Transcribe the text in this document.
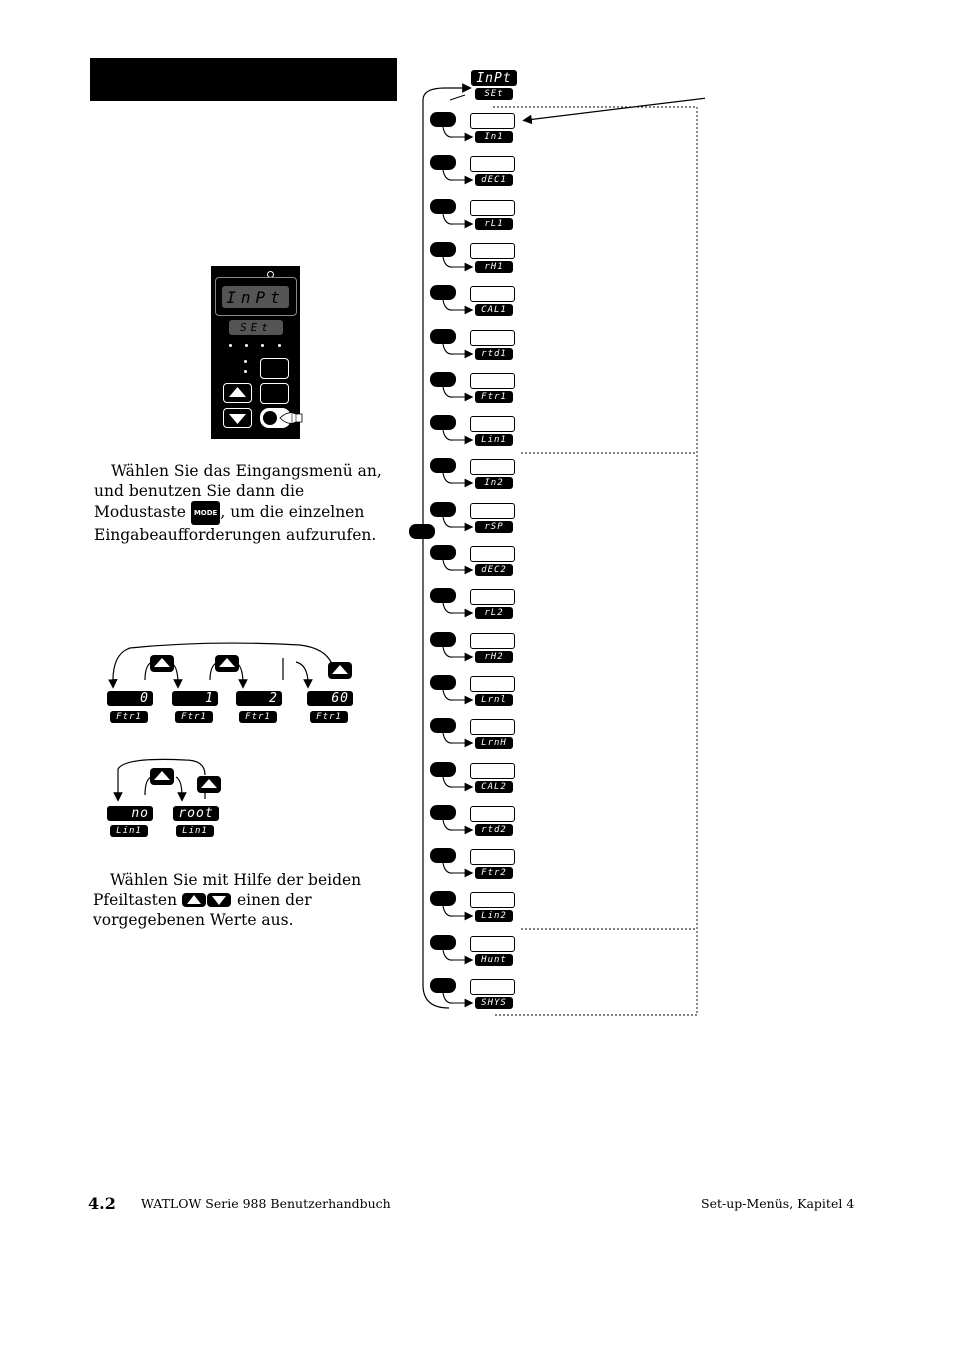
InPt
SEt
Wählen Sie das Eingangsmenü an,
und benutzen Sie dann die
Modustaste MODE , um die einzelnen
Eingabeaufforderungen aufzurufen.
0	1	2	60
Ftr1	Ftr1	Ftr1	Ftr1
no	root
Lin1	Lin1
Wählen Sie mit Hilfe der beiden
Pfeiltasten	einen der
vorgegebenen Werte aus.
InPt
SEt
In1
dEC1
rL1
rH1
CAL1
rtd1
Ftr1
Lin1
In2
rSP
dEC2
rL2
rH2
Lrnl
LrnH
CAL2
rtd2
Ftr2
Lin2
Hunt
SHYS
4.2 WATLOW Serie 988 Benutzerhandbuch	Set-up-Menüs, Kapitel 4
